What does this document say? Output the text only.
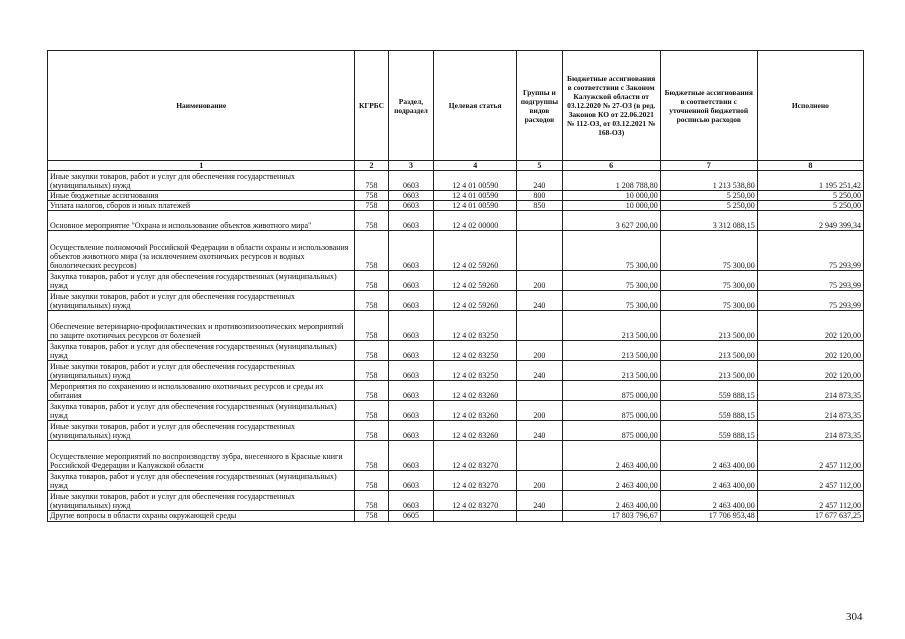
Наименование	КГРБС	Раздел, подраздел	Целевая статья	Группы и подгруппы видов расходов	Бюджетные ассигнования в соответствии с Законом Калужской области от 03.12.2020 № 27-ОЗ (в ред. Законов КО от 22.06.2021 № 112-ОЗ, от 03.12.2021 № 168-ОЗ)	Бюджетные ассигнования в соответствии с уточненной бюджетной росписью расходов	Исполнено
1	2	3	4	5	6	7	8
Иные закупки товаров, работ и услуг для обеспечения государственных (муниципальных) нужд	758	0603	12 4 01 00590	240	1 208 788,80	1 213 538,80	1 195 251,42
Иные бюджетные ассигнования	758	0603	12 4 01 00590	800	10 000,00	5 250,00	5 250,00
Уплата налогов, сборов и иных платежей	758	0603	12 4 01 00590	850	10 000,00	5 250,00	5 250,00
Основное мероприятие "Охрана и использование объектов животного мира"	758	0603	12 4 02 00000		3 627 200,00	3 312 088,15	2 949 399,34
Осуществление полномочий Российской Федерации в области охраны и использования объектов животного мира (за исключением охотничьих ресурсов и водных биологических ресурсов)	758	0603	12 4 02 59260		75 300,00	75 300,00	75 293,99
Закупка товаров, работ и услуг для обеспечения государственных (муниципальных) нужд	758	0603	12 4 02 59260	200	75 300,00	75 300,00	75 293,99
Иные закупки товаров, работ и услуг для обеспечения государственных (муниципальных) нужд	758	0603	12 4 02 59260	240	75 300,00	75 300,00	75 293,99
Обеспечение ветеринарно-профилактических и противоэпизоотических мероприятий по защите охотничьих ресурсов от болезней	758	0603	12 4 02 83250		213 500,00	213 500,00	202 120,00
Закупка товаров, работ и услуг для обеспечения государственных (муниципальных) нужд	758	0603	12 4 02 83250	200	213 500,00	213 500,00	202 120,00
Иные закупки товаров, работ и услуг для обеспечения государственных (муниципальных) нужд	758	0603	12 4 02 83250	240	213 500,00	213 500,00	202 120,00
Мероприятия по сохранению и использованию охотничьих ресурсов и среды их обитания	758	0603	12 4 02 83260		875 000,00	559 888,15	214 873,35
Закупка товаров, работ и услуг для обеспечения государственных (муниципальных) нужд	758	0603	12 4 02 83260	200	875 000,00	559 888,15	214 873,35
Иные закупки товаров, работ и услуг для обеспечения государственных (муниципальных) нужд	758	0603	12 4 02 83260	240	875 000,00	559 888,15	214 873,35
Осуществление мероприятий по воспроизводству зубра, внесенного в Красные книги Российской Федерации и Калужской области	758	0603	12 4 02 83270		2 463 400,00	2 463 400,00	2 457 112,00
Закупка товаров, работ и услуг для обеспечения государственных (муниципальных) нужд	758	0603	12 4 02 83270	200	2 463 400,00	2 463 400,00	2 457 112,00
Иные закупки товаров, работ и услуг для обеспечения государственных (муниципальных) нужд	758	0603	12 4 02 83270	240	2 463 400,00	2 463 400,00	2 457 112,00
Другие вопросы в области охраны окружающей среды	758	0605			17 803 796,67	17 706 953,48	17 677 637,25
304
